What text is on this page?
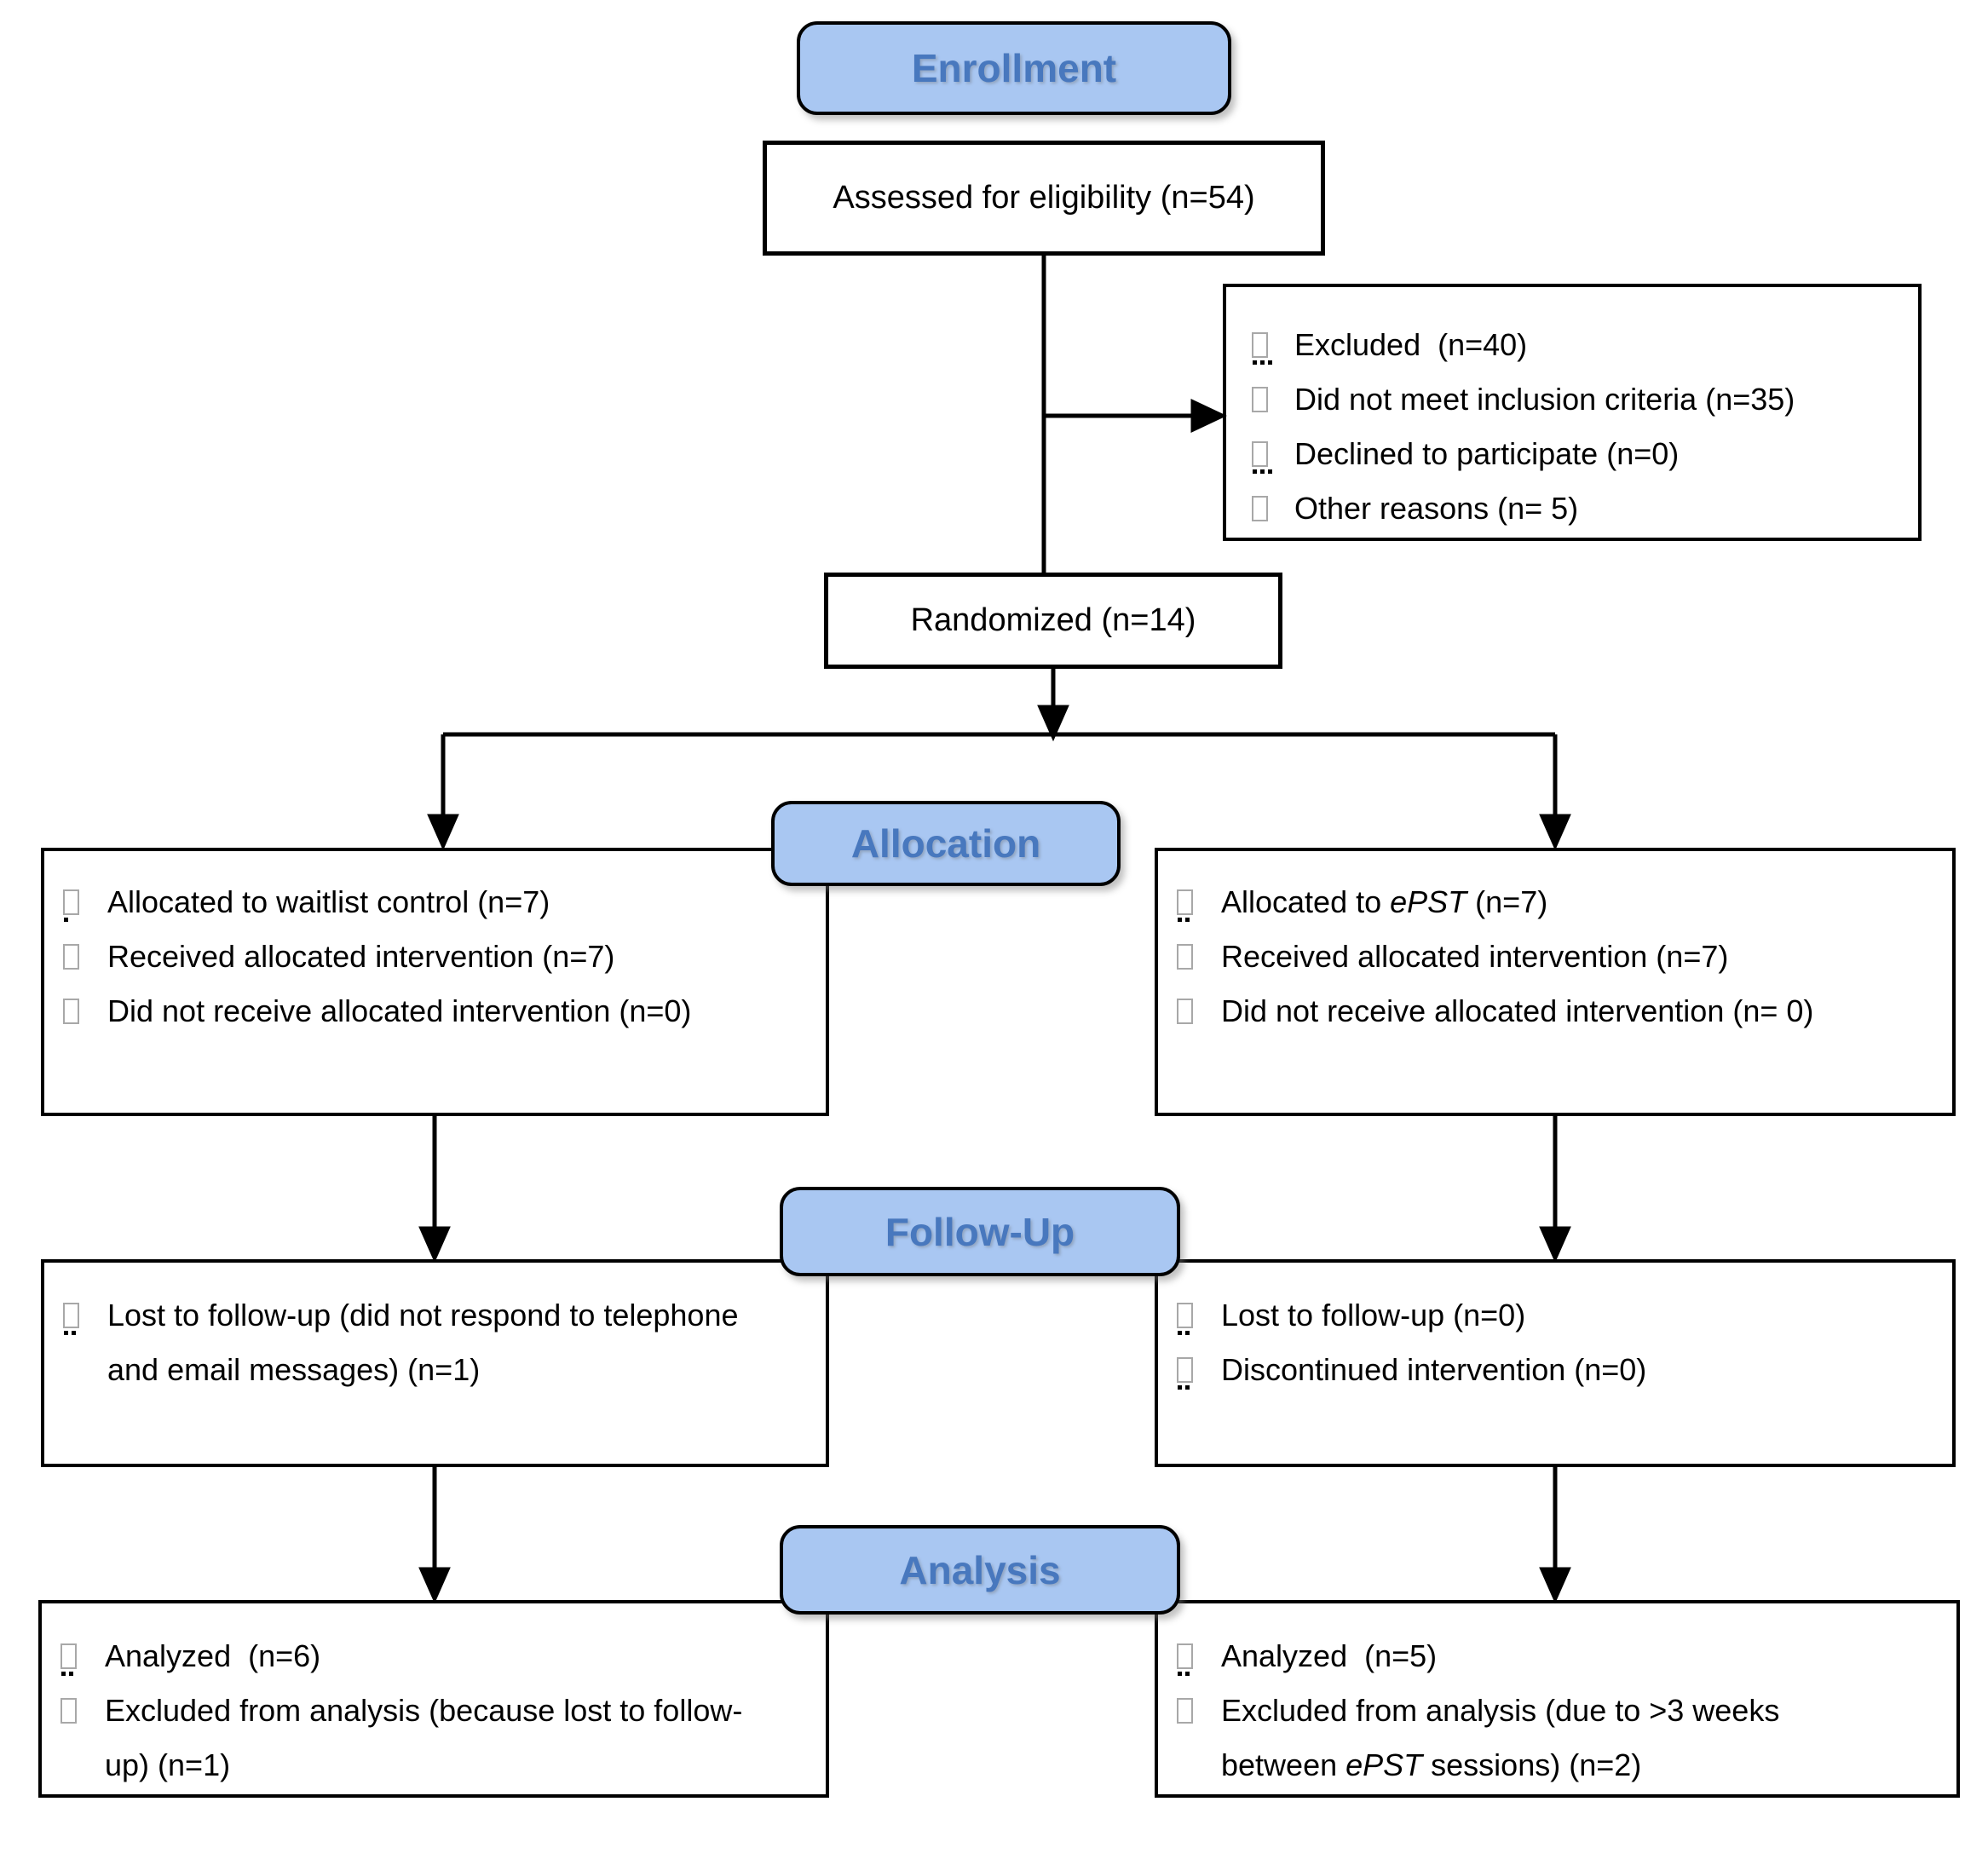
Enrollment
Allocation
Follow-Up
Analysis
Assessed for eligibility (n=54)
Randomized (n=14)
Excluded  (n=40)
Did not meet inclusion criteria (n=35)
Declined to participate (n=0)
Other reasons (n= 5)
Allocated to waitlist control (n=7)
Received allocated intervention (n=7)
Did not receive allocated intervention (n=0)
Allocated to ePST (n=7)
Received allocated intervention (n=7)
Did not receive allocated intervention (n= 0)
Lost to follow-up (did not respond to telephone and email messages) (n=1)
Lost to follow-up (n=0)
Discontinued intervention (n=0)
Analyzed  (n=6)
Excluded from analysis (because lost to follow-up) (n=1)
Analyzed  (n=5)
Excluded from analysis (due to >3 weeks between ePST sessions) (n=2)
